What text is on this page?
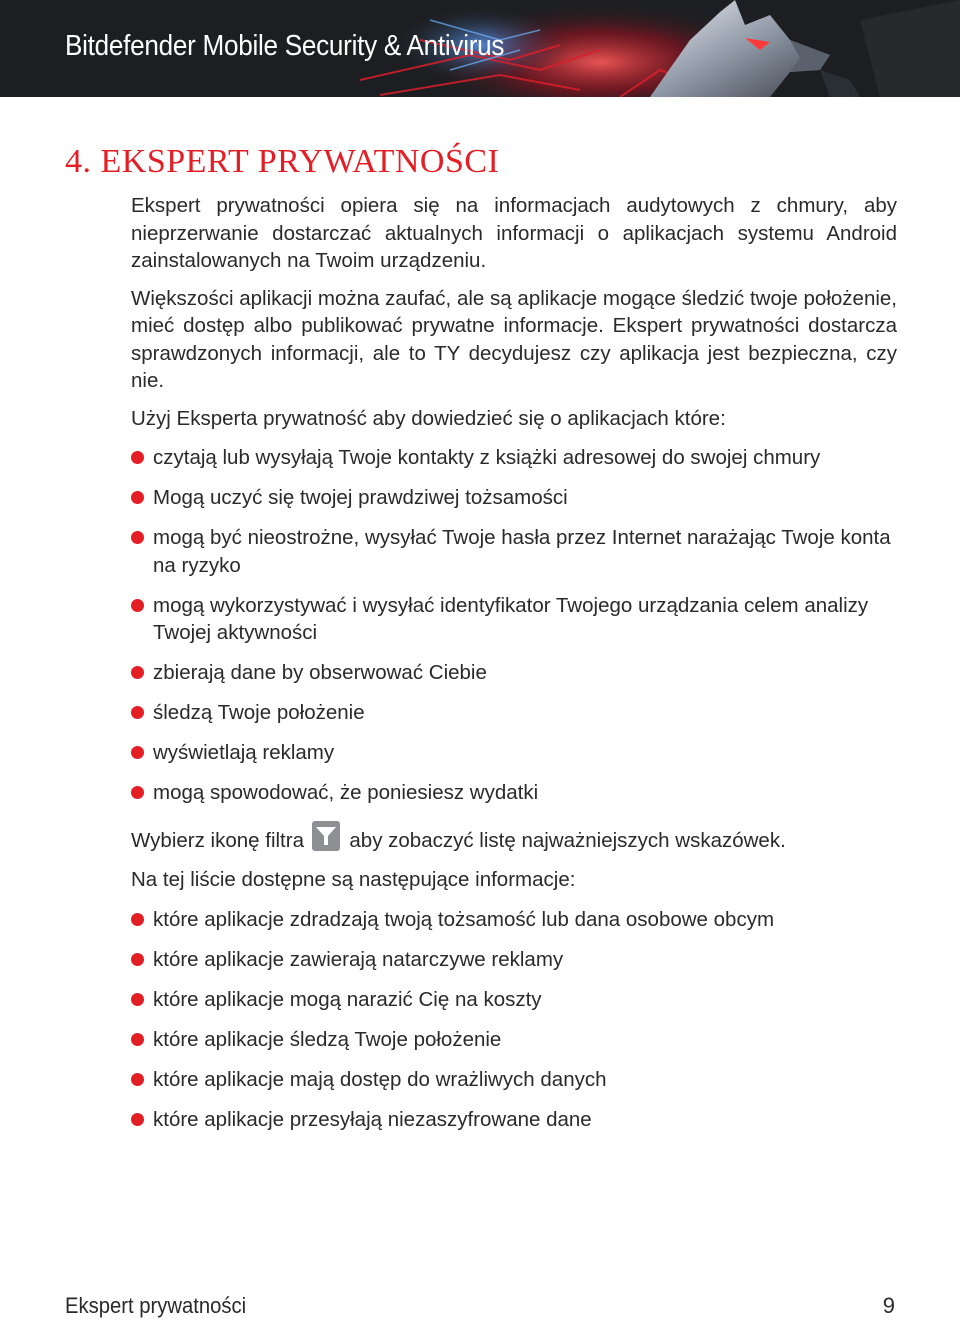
Bitdefender Mobile Security & Antivirus
4. EKSPERT PRYWATNOŚCI

Ekspert prywatności opiera się na informacjach audytowych z chmury, aby nieprzerwanie dostarczać aktualnych informacji o aplikacjach systemu Android zainstalowanych na Twoim urządzeniu.

Większości aplikacji można zaufać, ale są aplikacje mogące śledzić twoje położenie, mieć dostęp albo publikować prywatne informacje. Ekspert prywatności dostarcza sprawdzonych informacji, ale to TY decydujesz czy aplikacja jest bezpieczna, czy nie.

Użyj Eksperta prywatność aby dowiedzieć się o aplikacjach które:

czytają lub wysyłają Twoje kontakty z książki adresowej do swojej chmury
Mogą uczyć się twojej prawdziwej tożsamości
mogą być nieostrożne, wysyłać Twoje hasła przez Internet narażając Twoje konta na ryzyko
mogą wykorzystywać i wysyłać identyfikator Twojego urządzania celem analizy Twojej aktywności
zbierają dane by obserwować Ciebie
śledzą Twoje położenie
wyświetlają reklamy
mogą spowodować, że poniesiesz wydatki

Wybierz ikonę filtra aby zobaczyć listę najważniejszych wskazówek.

Na tej liście dostępne są następujące informacje:

które aplikacje zdradzają twoją tożsamość lub dana osobowe obcym
które aplikacje zawierają natarczywe reklamy
które aplikacje mogą narazić Cię na koszty
które aplikacje śledzą Twoje położenie
które aplikacje mają dostęp do wrażliwych danych
które aplikacje przesyłają niezaszyfrowane dane

Ekspert prywatności	9
